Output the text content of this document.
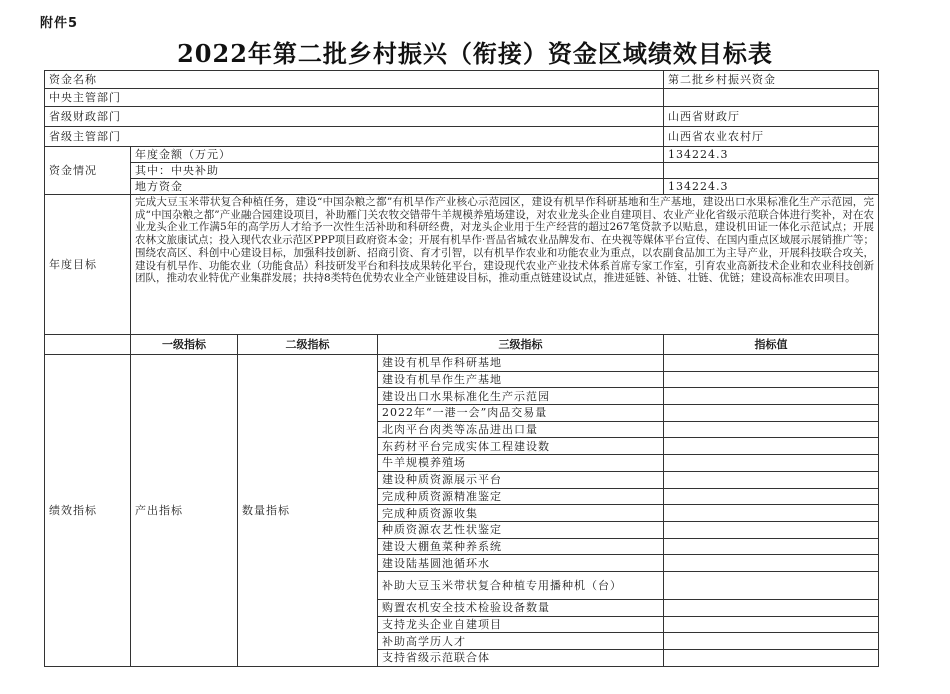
附件5
2022年第二批乡村振兴（衔接）资金区域绩效目标表
资金名称				第二批乡村振兴资金
中央主管部门				
省级财政部门				山西省财政厅
省级主管部门				山西省农业农村厅
资金情况	年度金额（万元）			134224.3
	其中：中央补助			
	地方资金			134224.3
年度目标	完成大豆玉米带状复合种植任务，建设“中国杂粮之都”有机旱作产业核心示范园区，建设有机旱作科研基地和生产基地，建设出口水果标准化生产示范园，完成“中国杂粮之都”产业融合园建设项目，补助雁门关农牧交错带牛羊规模养殖场建设，对农业龙头企业自建项目、农业产业化省级示范联合体进行奖补，对在农业龙头企业工作满5年的高学历人才给予一次性生活补助和科研经费，对龙头企业用于生产经营的超过267笔贷款予以贴息，建设机田证一体化示范试点；开展农林文旅康试点；投入现代农业示范区PPP项目政府资本金；开展有机旱作·晋品省城农业品牌发布、在央视等媒体平台宣传、在国内重点区域展示展销推广等；围绕农高区、科创中心建设目标，加强科技创新、招商引资、育才引智，以有机旱作农业和功能农业为重点，以农副食品加工为主导产业，开展科技联合攻关，建设有机旱作、功能农业（功能食品）科技研发平台和科技成果转化平台，建设现代农业产业技术体系首席专家工作室，引育农业高新技术企业和农业科技创新团队，推动农业特优产业集群发展；扶持8类特色优势农业全产业链建设目标，推动重点链建设试点，推进延链、补链、壮链、优链；建设高标准农田项目。			
	一级指标	二级指标	三级指标	指标值
绩效指标	产出指标	数量指标	建设有机旱作科研基地	
			建设有机旱作生产基地	
			建设出口水果标准化生产示范园	
			2022年“一港一会”肉品交易量	
			北肉平台肉类等冻品进出口量	
			东药材平台完成实体工程建设数	
			牛羊规模养殖场	
			建设种质资源展示平台	
			完成种质资源精准鉴定	
			完成种质资源收集	
			种质资源农艺性状鉴定	
			建设大棚鱼菜种养系统	
			建设陆基圆池循环水	
			补助大豆玉米带状复合种植专用播种机（台）	
			购置农机安全技术检验设备数量	
			支持龙头企业自建项目	
			补助高学历人才	
			支持省级示范联合体	
